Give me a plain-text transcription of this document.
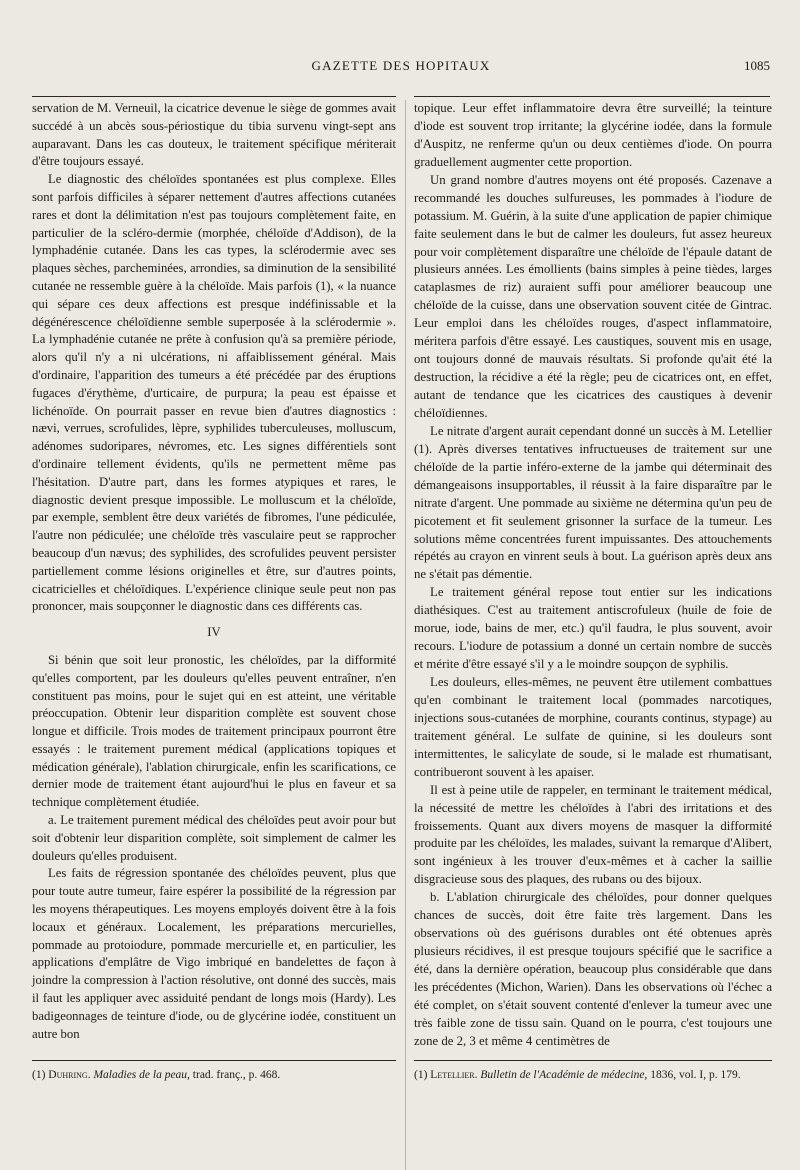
GAZETTE DES HOPITAUX	1085

servation de M. Verneuil, la cicatrice devenue le siège de gommes avait succédé à un abcès sous-périostique du tibia survenu vingt-sept ans auparavant. Dans les cas douteux, le traitement spécifique mériterait d'être toujours essayé.

Le diagnostic des chéloïdes spontanées est plus complexe. Elles sont parfois difficiles à séparer nettement d'autres affections cutanées rares et dont la délimitation n'est pas toujours complètement faite, en particulier de la scléro-dermie (morphée, chéloïde d'Addison), de la lymphadénie cutanée. Dans les cas types, la sclérodermie avec ses plaques sèches, parcheminées, arrondies, sa diminution de la sensibilité cutanée ne ressemble guère à la chéloïde. Mais parfois (1), « la nuance qui sépare ces deux affections est presque indéfinissable et la dégénérescence chéloïdienne semble superposée à la sclérodermie ». La lymphadénie cutanée ne prête à confusion qu'à sa première période, alors qu'il n'y a ni ulcérations, ni affaiblissement général. Mais d'ordinaire, l'apparition des tumeurs a été précédée par des éruptions fugaces d'érythème, d'urticaire, de purpura; la peau est épaisse et lichénoïde. On pourrait passer en revue bien d'autres diagnostics : nævi, verrues, scrofulides, lèpre, syphilides tuberculeuses, molluscum, adénomes sudoripares, névromes, etc. Les signes différentiels sont d'ordinaire tellement évidents, qu'ils ne permettent même pas l'hésitation. D'autre part, dans les formes atypiques et rares, le diagnostic devient presque impossible. Le molluscum et la chéloïde, par exemple, semblent être deux variétés de fibromes, l'une pédiculée, l'autre non pédiculée; une chéloïde très vasculaire peut se rapprocher beaucoup d'un nævus; des syphilides, des scrofulides peuvent persister partiellement comme lésions originelles et être, sur d'autres points, cicatricielles et chéloïdiques. L'expérience clinique seule peut non pas prononcer, mais soupçonner le diagnostic dans ces différents cas.

IV

Si bénin que soit leur pronostic, les chéloïdes, par la difformité qu'elles comportent, par les douleurs qu'elles peuvent entraîner, n'en constituent pas moins, pour le sujet qui en est atteint, une véritable préoccupation. Obtenir leur disparition complète est souvent chose longue et difficile. Trois modes de traitement principaux pourront être essayés : le traitement purement médical (applications topiques et médication générale), l'ablation chirurgicale, enfin les scarifications, ce dernier mode de traitement étant aujourd'hui le plus en faveur et sa technique complètement étudiée.

a. Le traitement purement médical des chéloïdes peut avoir pour but soit d'obtenir leur disparition complète, soit simplement de calmer les douleurs qu'elles produisent.

Les faits de régression spontanée des chéloïdes peuvent, plus que pour toute autre tumeur, faire espérer la possibilité de la régression par les moyens thérapeutiques. Les moyens employés doivent être à la fois locaux et généraux. Localement, les préparations mercurielles, pommade au protoiodure, pommade mercurielle et, en particulier, les applications d'emplâtre de Vigo imbriqué en bandelettes de façon à joindre la compression à l'action résolutive, ont donné des succès, mais il faut les appliquer avec assiduité pendant de longs mois (Hardy). Les badigeonnages de teinture d'iode, ou de glycérine iodée, constituent un autre bon

topique. Leur effet inflammatoire devra être surveillé; la teinture d'iode est souvent trop irritante; la glycérine iodée, dans la formule d'Auspitz, ne renferme qu'un ou deux centièmes d'iode. On pourra graduellement augmenter cette proportion.

Un grand nombre d'autres moyens ont été proposés. Cazenave a recommandé les douches sulfureuses, les pommades à l'iodure de potassium. M. Guérin, à la suite d'une application de papier chimique faite seulement dans le but de calmer les douleurs, fut assez heureux pour voir complètement disparaître une chéloïde de l'épaule datant de plusieurs années. Les émollients (bains simples à peine tièdes, larges cataplasmes de riz) auraient suffi pour améliorer beaucoup une chéloïde de la cuisse, dans une observation souvent citée de Gintrac. Leur emploi dans les chéloïdes rouges, d'aspect inflammatoire, méritera parfois d'être essayé. Les caustiques, souvent mis en usage, ont toujours donné de mauvais résultats. Si profonde qu'ait été la destruction, la récidive a été la règle; peu de cicatrices ont, en effet, autant de tendance que les cicatrices des caustiques à devenir chéloïdiennes.

Le nitrate d'argent aurait cependant donné un succès à M. Letellier (1). Après diverses tentatives infructueuses de traitement sur une chéloïde de la partie inféro-externe de la jambe qui déterminait des démangeaisons insupportables, il réussit à la faire disparaître par le nitrate d'argent. Une pommade au sixième ne détermina qu'un peu de picotement et fit seulement grisonner la surface de la tumeur. Les solutions même concentrées furent impuissantes. Des attouchements répétés au crayon en vinrent seuls à bout. La guérison après deux ans ne s'était pas démentie.

Le traitement général repose tout entier sur les indications diathésiques. C'est au traitement antiscrofuleux (huile de foie de morue, iode, bains de mer, etc.) qu'il faudra, le plus souvent, avoir recours. L'iodure de potassium a donné un certain nombre de succès et mérite d'être essayé s'il y a le moindre soupçon de syphilis.

Les douleurs, elles-mêmes, ne peuvent être utilement combattues qu'en combinant le traitement local (pommades narcotiques, injections sous-cutanées de morphine, courants continus, stypage) au traitement général. Le sulfate de quinine, si les douleurs sont intermittentes, le salicylate de soude, si le malade est rhumatisant, contribueront souvent à les apaiser.

Il est à peine utile de rappeler, en terminant le traitement médical, la nécessité de mettre les chéloïdes à l'abri des irritations et des froissements. Quant aux divers moyens de masquer la difformité produite par les chéloïdes, les malades, suivant la remarque d'Alibert, sont ingénieux à les trouver d'eux-mêmes et à cacher la saillie disgracieuse sous des plaques, des rubans ou des bijoux.

b. L'ablation chirurgicale des chéloïdes, pour donner quelques chances de succès, doit être faite très largement. Dans les observations où des guérisons durables ont été obtenues après plusieurs récidives, il est presque toujours spécifié que le sacrifice a été, dans la dernière opération, beaucoup plus considérable que dans les précédentes (Michon, Warien). Dans les observations où l'échec a été complet, on s'était souvent contenté d'enlever la tumeur avec une très faible zone de tissu sain. Quand on le pourra, c'est toujours une zone de 2, 3 et même 4 centimètres de

(1) Duhring. Maladies de la peau, trad. franç., p. 468.	(1) Letellier. Bulletin de l'Académie de médecine, 1836, vol. I, p. 179.
